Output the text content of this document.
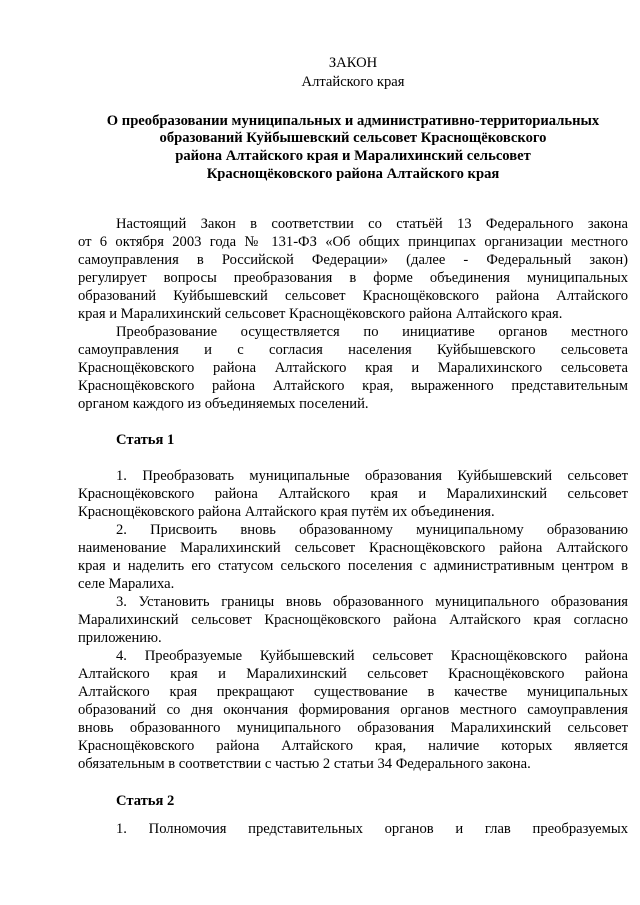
ЗАКОН

Алтайского края

О преобразовании муниципальных и административно-территориальных

образований Куйбышевский сельсовет Краснощёковского

района Алтайского края и Маралихинский сельсовет

Краснощёковского района Алтайского края

Настоящий Закон в соответствии со статьёй 13 Федерального закона

от 6 октября 2003 года № 131-ФЗ «Об общих принципах организации местного

самоуправления в Российской Федерации» (далее - Федеральный закон)

регулирует вопросы преобразования в форме объединения муниципальных

образований Куйбышевский сельсовет Краснощёковского района Алтайского

края и Маралихинский сельсовет Краснощёковского района Алтайского края.

Преобразование осуществляется по инициативе органов местного

самоуправления и с согласия населения Куйбышевского сельсовета

Краснощёковского района Алтайского края и Маралихинского сельсовета

Краснощёковского района Алтайского края, выраженного представительным

органом каждого из объединяемых поселений.

Статья 1

1. Преобразовать муниципальные образования Куйбышевский сельсовет

Краснощёковского района Алтайского края и Маралихинский сельсовет

Краснощёковского района Алтайского края путём их объединения.

2. Присвоить вновь образованному муниципальному образованию

наименование Маралихинский сельсовет Краснощёковского района Алтайского

края и наделить его статусом сельского поселения с административным центром в

селе Маралиха.

3. Установить границы вновь образованного муниципального образования

Маралихинский сельсовет Краснощёковского района Алтайского края согласно

приложению.

4. Преобразуемые Куйбышевский сельсовет Краснощёковского района

Алтайского края и Маралихинский сельсовет Краснощёковского района

Алтайского края прекращают существование в качестве муниципальных

образований со дня окончания формирования органов местного самоуправления

вновь образованного муниципального образования Маралихинский сельсовет

Краснощёковского района Алтайского края, наличие которых является

обязательным в соответствии с частью 2 статьи 34 Федерального закона.

Статья 2

1. Полномочия представительных органов и глав преобразуемых
